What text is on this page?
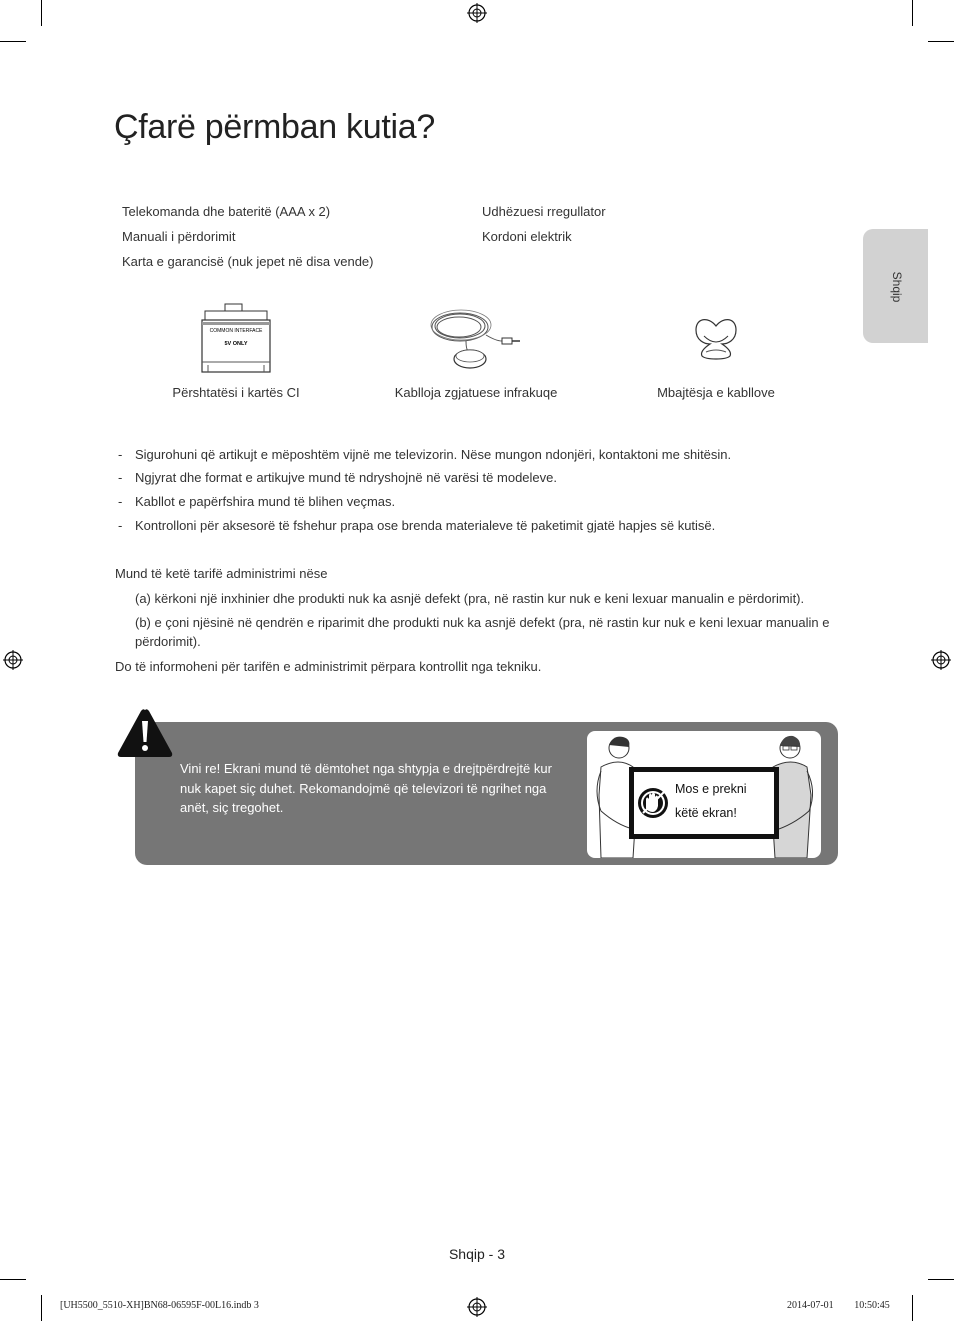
Çfarë përmban kutia?
Shqip
Telekomanda dhe bateritë (AAA x 2)
Manuali i përdorimit
Karta e garancisë (nuk jepet në disa vende)
Udhëzuesi rregullator
Kordoni elektrik
COMMON INTERFACE
5V ONLY
Përshtatësi i kartës CI	Kablloja zgjatuese infrakuqe	Mbajtësja e kabllove
- Sigurohuni që artikujt e mëposhtëm vijnë me televizorin. Nëse mungon ndonjëri, kontaktoni me shitësin.
- Ngjyrat dhe format e artikujve mund të ndryshojnë në varësi të modeleve.
- Kabllot e papërfshira mund të blihen veçmas.
- Kontrolloni për aksesorë të fshehur prapa ose brenda materialeve të paketimit gjatë hapjes së kutisë.
Mund të ketë tarifë administrimi nëse
(a) kërkoni një inxhinier dhe produkti nuk ka asnjë defekt (pra, në rastin kur nuk e keni lexuar manualin e përdorimit).
(b) e çoni njësinë në qendrën e riparimit dhe produkti nuk ka asnjë defekt (pra, në rastin kur nuk e keni lexuar manualin e
përdorimit).
Do të informoheni për tarifën e administrimit përpara kontrollit nga tekniku.
Vini re! Ekrani mund të dëmtohet nga shtypja e drejtpërdrejtë kur nuk kapet siç duhet. Rekomandojmë që televizori të ngrihet nga anët, siç tregohet.
Mos e prekni
këtë ekran!
Shqip - 3
[UH5500_5510-XH]BN68-06595F-00L16.indb 3	2014-07-01 ￿￿ 10:50:45
